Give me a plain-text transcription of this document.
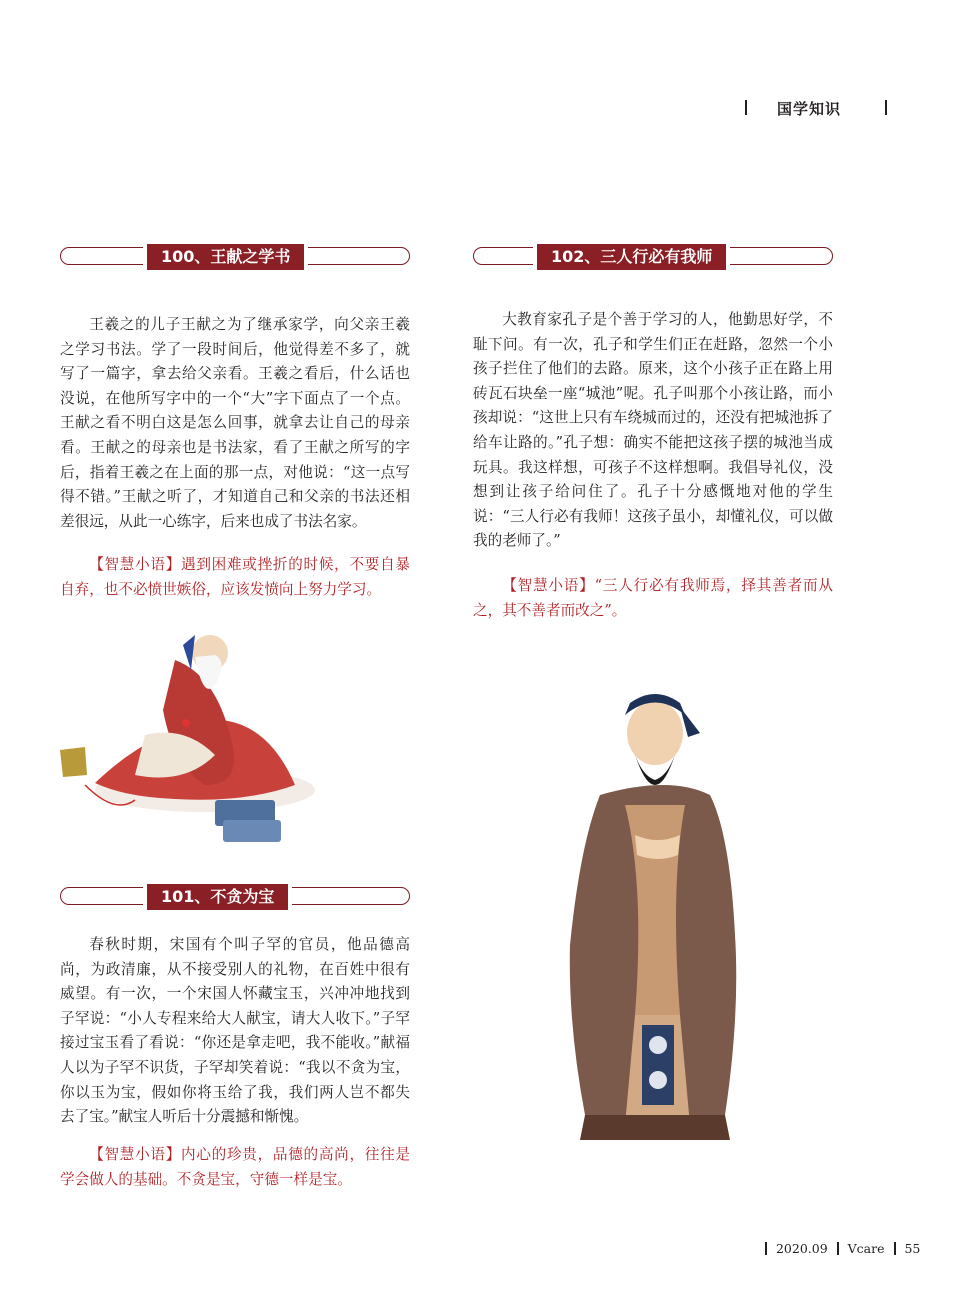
国学知识
100、王献之学书
王羲之的儿子王献之为了继承家学，向父亲王羲之学习书法。学了一段时间后，他觉得差不多了，就写了一篇字，拿去给父亲看。王羲之看后，什么话也没说，在他所写字中的一个“大”字下面点了一个点。王献之看不明白这是怎么回事，就拿去让自己的母亲看。王献之的母亲也是书法家，看了王献之所写的字后，指着王羲之在上面的那一点，对他说：“这一点写得不错。”王献之听了，才知道自己和父亲的书法还相差很远，从此一心练字，后来也成了书法名家。
【智慧小语】遇到困难或挫折的时候，不要自暴自弃，也不必愤世嫉俗，应该发愤向上努力学习。
101、不贪为宝
春秋时期，宋国有个叫子罕的官员，他品德高尚，为政清廉，从不接受别人的礼物，在百姓中很有威望。有一次，一个宋国人怀藏宝玉，兴冲冲地找到子罕说：“小人专程来给大人献宝，请大人收下。”子罕接过宝玉看了看说：“你还是拿走吧，我不能收。”献福人以为子罕不识货，子罕却笑着说：“我以不贪为宝，你以玉为宝，假如你将玉给了我，我们两人岂不都失去了宝。”献宝人听后十分震撼和惭愧。
【智慧小语】内心的珍贵，品德的高尚，往往是学会做人的基础。不贪是宝，守德一样是宝。
102、三人行必有我师
大教育家孔子是个善于学习的人，他勤思好学，不耻下问。有一次，孔子和学生们正在赶路，忽然一个小孩子拦住了他们的去路。原来，这个小孩子正在路上用砖瓦石块垒一座“城池”呢。孔子叫那个小孩让路，而小孩却说：“这世上只有车绕城而过的，还没有把城池拆了给车让路的。”孔子想：确实不能把这孩子摆的城池当成玩具。我这样想，可孩子不这样想啊。我倡导礼仪，没想到让孩子给问住了。孔子十分感慨地对他的学生说：“三人行必有我师！这孩子虽小，却懂礼仪，可以做我的老师了。”
【智慧小语】“三人行必有我师焉，择其善者而从之，其不善者而改之”。
2020.09 Vcare 55
